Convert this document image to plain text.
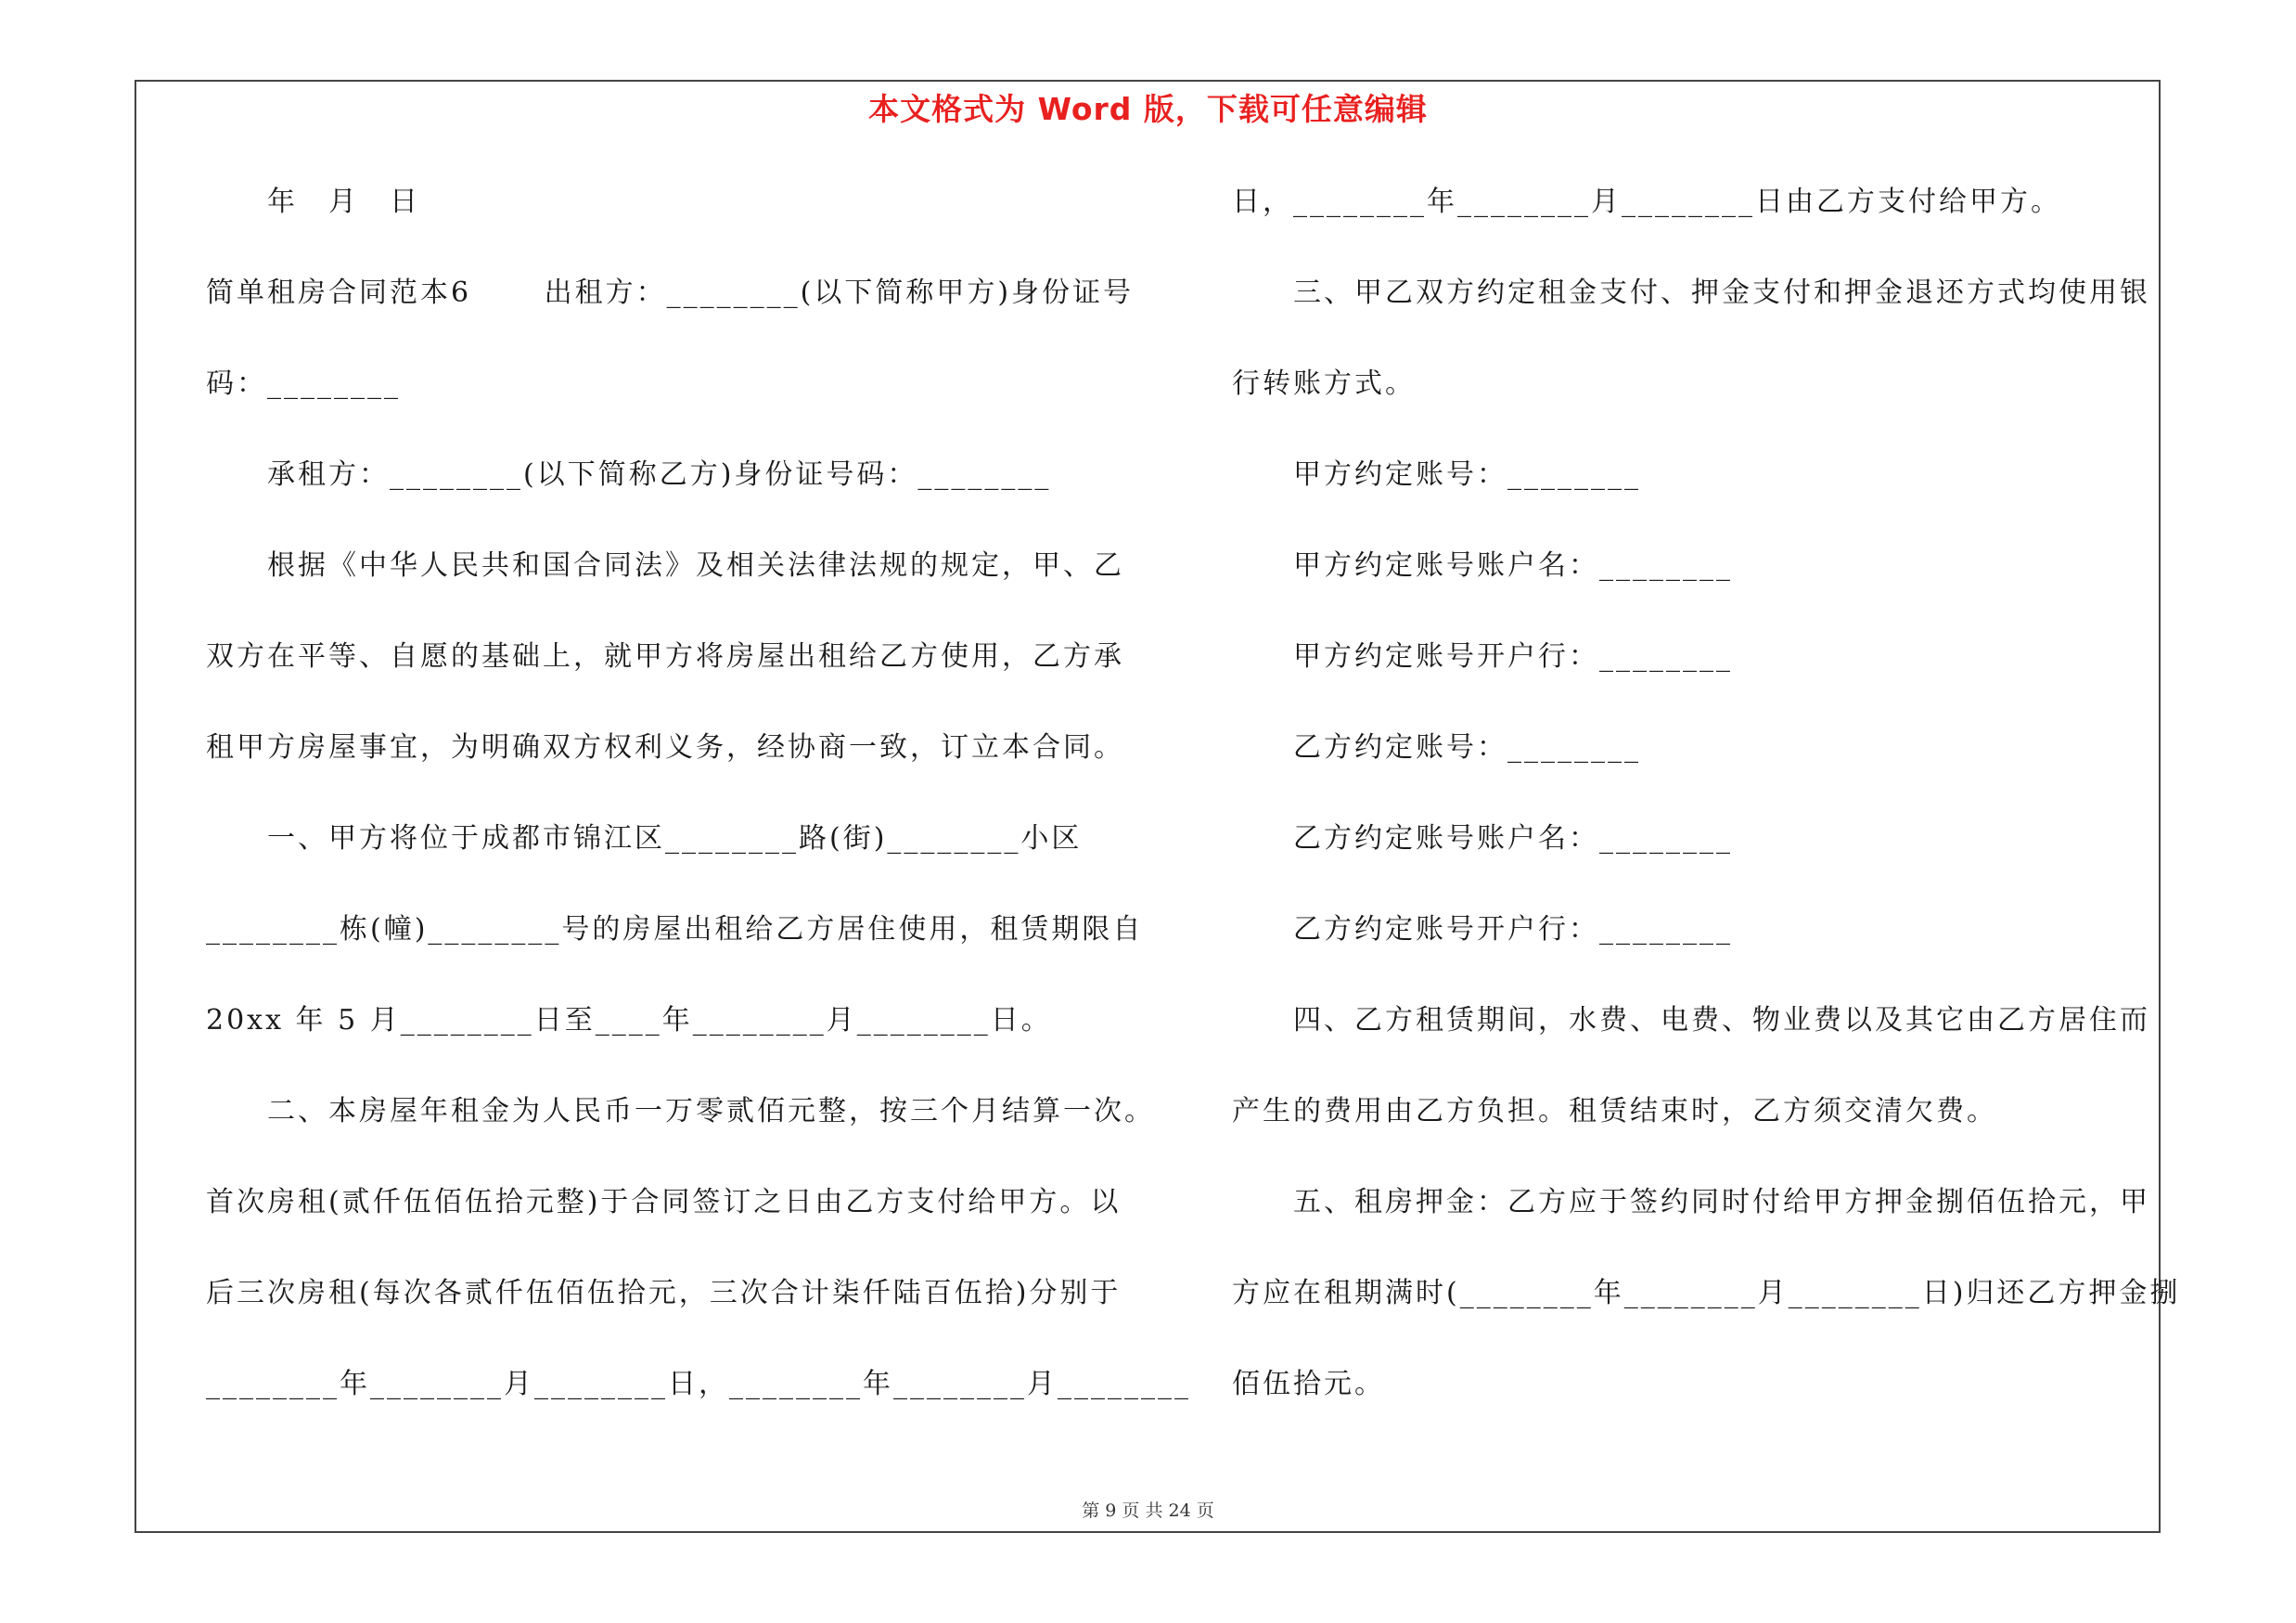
本文格式为 Word 版，下载可任意编辑
　　年　月　日
简单租房合同范本6　　 出租方：________(以下简称甲方)身份证号
码：________
　　承租方：________(以下简称乙方)身份证号码：________
　　根据《中华人民共和国合同法》及相关法律法规的规定，甲、乙
双方在平等、自愿的基础上，就甲方将房屋出租给乙方使用，乙方承
租甲方房屋事宜，为明确双方权利义务，经协商一致，订立本合同。
　　一、甲方将位于成都市锦江区________路(街)________小区
________栋(幢)________号的房屋出租给乙方居住使用，租赁期限自
20xx 年 5 月________日至____年________月________日。
　　二、本房屋年租金为人民币一万零贰佰元整，按三个月结算一次。
首次房租(贰仟伍佰伍拾元整)于合同签订之日由乙方支付给甲方。以
后三次房租(每次各贰仟伍佰伍拾元，三次合计柒仟陆百伍拾)分别于
________年________月________日，________年________月________
日，________年________月________日由乙方支付给甲方。
　　三、甲乙双方约定租金支付、押金支付和押金退还方式均使用银
行转账方式。
　　甲方约定账号：________
　　甲方约定账号账户名：________
　　甲方约定账号开户行：________
　　乙方约定账号：________
　　乙方约定账号账户名：________
　　乙方约定账号开户行：________
　　四、乙方租赁期间，水费、电费、物业费以及其它由乙方居住而
产生的费用由乙方负担。租赁结束时，乙方须交清欠费。
　　五、租房押金：乙方应于签约同时付给甲方押金捌佰伍拾元，甲
方应在租期满时(________年________月________日)归还乙方押金捌
佰伍拾元。
第 9 页 共 24 页
